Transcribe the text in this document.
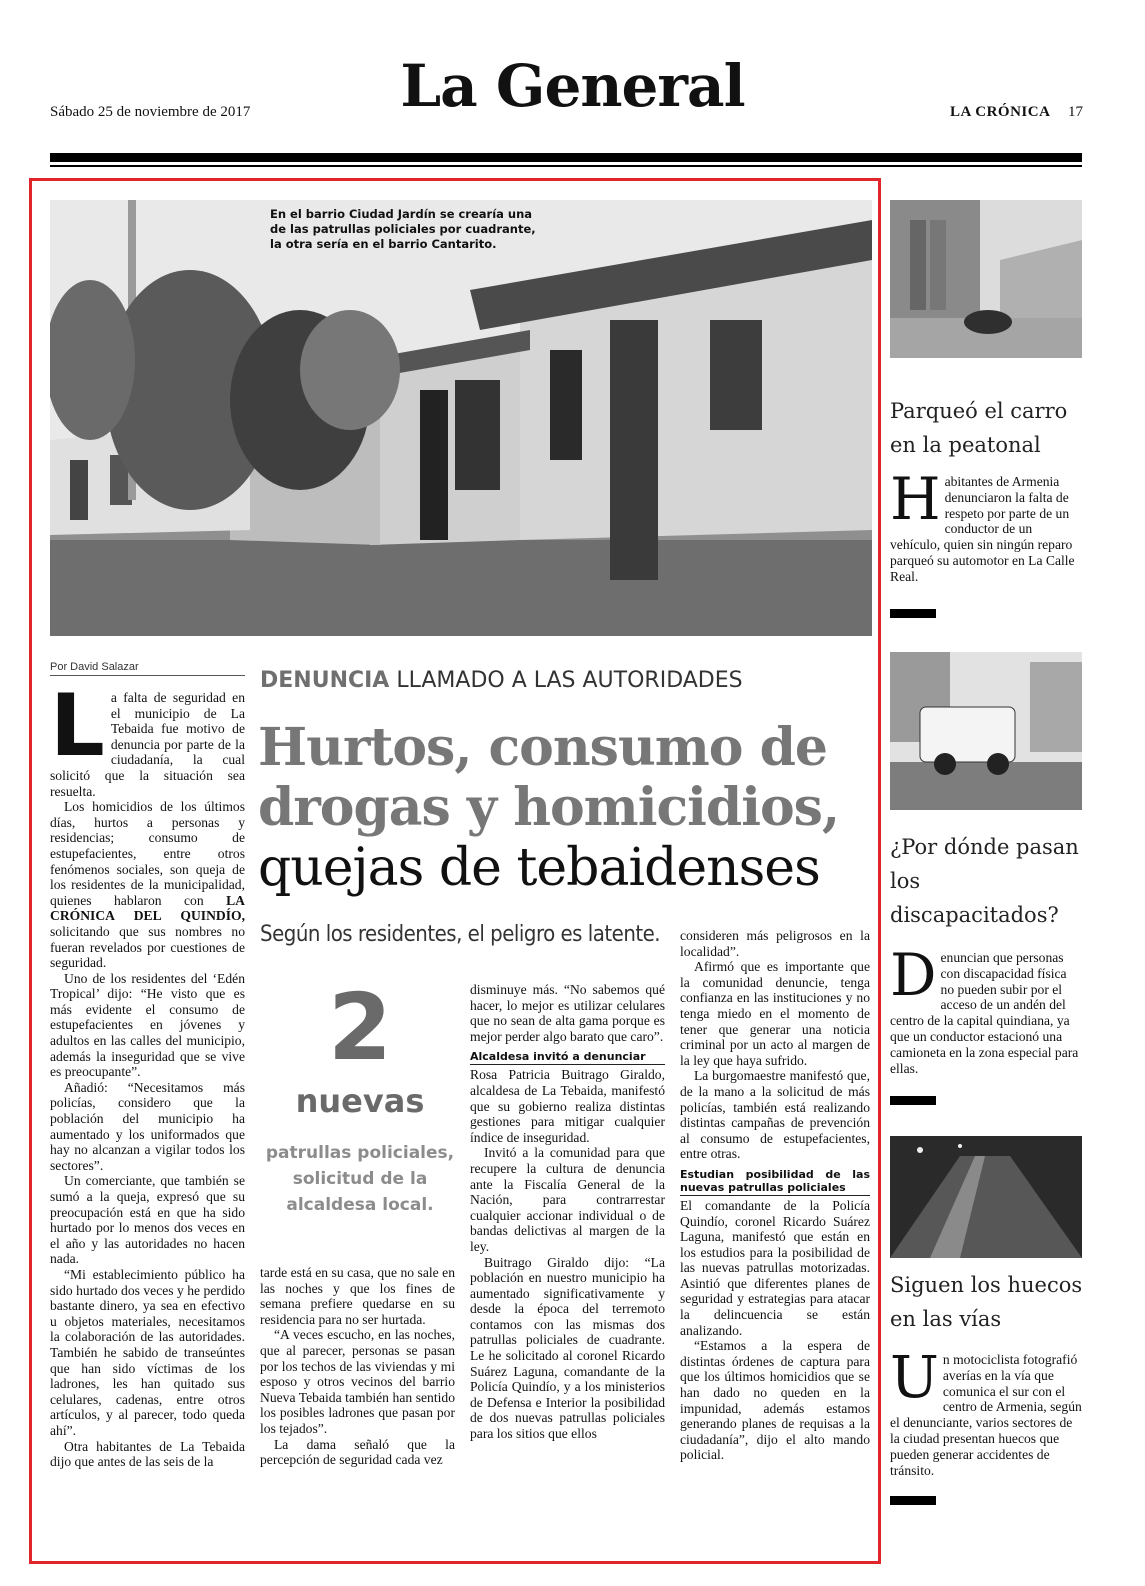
Sábado 25 de noviembre de 2017	La General	LA CRÓNICA 17
En el barrio Ciudad Jardín se crearía una de las patrullas policiales por cuadrante, la otra sería en el barrio Cantarito.
Por David Salazar
DENUNCIA LLAMADO A LAS AUTORIDADES
Hurtos, consumo de
drogas y homicidios,
quejas de tebaidenses
Según los residentes, el peligro es latente.
2
nuevas
patrullas policiales, solicitud de la alcaldesa local.

La falta de seguridad en el municipio de La Tebaida fue motivo de denuncia por parte de la ciudadanía, la cual solicitó que la situación sea resuelta.

Los homicidios de los últimos días, hurtos a personas y residencias; consumo de estupefacientes, entre otros fenómenos sociales, son queja de los residentes de la municipalidad, quienes hablaron con LA CRÓNICA DEL QUINDÍO, solicitando que sus nombres no fueran revelados por cuestiones de seguridad.

Uno de los residentes del ‘Edén Tropical’ dijo: “He visto que es más evidente el consumo de estupefacientes en jóvenes y adultos en las calles del municipio, además la inseguridad que se vive es preocupante”.

Añadió: “Necesitamos más policías, considero que la población del municipio ha aumentado y los uniformados que hay no alcanzan a vigilar todos los sectores”.

Un comerciante, que también se sumó a la queja, expresó que su preocupación está en que ha sido hurtado por lo menos dos veces en el año y las autoridades no hacen nada.

“Mi establecimiento público ha sido hurtado dos veces y he perdido bastante dinero, ya sea en efectivo u objetos materiales, necesitamos la colaboración de las autoridades. También he sabido de transeúntes que han sido víctimas de los ladrones, les han quitado sus celulares, cadenas, entre otros artículos, y al parecer, todo queda ahí”.

Otra habitantes de La Tebaida dijo que antes de las seis de la

tarde está en su casa, que no sale en las noches y que los fines de semana prefiere quedarse en su residencia para no ser hurtada.

“A veces escucho, en las noches, que al parecer, personas se pasan por los techos de las viviendas y mi esposo y otros vecinos del barrio Nueva Tebaida también han sentido los posibles ladrones que pasan por los tejados”.

La dama señaló que la percepción de seguridad cada vez

disminuye más. “No sabemos qué hacer, lo mejor es utilizar celulares que no sean de alta gama porque es mejor perder algo barato que caro”.

Alcaldesa invitó a denunciar

Rosa Patricia Buitrago Giraldo, alcaldesa de La Tebaida, manifestó que su gobierno realiza distintas gestiones para mitigar cualquier índice de inseguridad.

Invitó a la comunidad para que recupere la cultura de denuncia ante la Fiscalía General de la Nación, para contrarrestar cualquier accionar individual o de bandas delictivas al margen de la ley.

Buitrago Giraldo dijo: “La población en nuestro municipio ha aumentado significativamente y desde la época del terremoto contamos con las mismas dos patrullas policiales de cuadrante. Le he solicitado al coronel Ricardo Suárez Laguna, comandante de la Policía Quindío, y a los ministerios de Defensa e Interior la posibilidad de dos nuevas patrullas policiales para los sitios que ellos

consideren más peligrosos en la localidad”.

Afirmó que es importante que la comunidad denuncie, tenga confianza en las instituciones y no tenga miedo en el momento de tener que generar una noticia criminal por un acto al margen de la ley que haya sufrido.

La burgomaestre manifestó que, de la mano a la solicitud de más policías, también está realizando distintas campañas de prevención al consumo de estupefacientes, entre otras.

Estudian posibilidad de las nuevas patrullas policiales

El comandante de la Policía Quindío, coronel Ricardo Suárez Laguna, manifestó que están en los estudios para la posibilidad de las nuevas patrullas motorizadas. Asintió que diferentes planes de seguridad y estrategias para atacar la delincuencia se están analizando.

“Estamos a la espera de distintas órdenes de captura para que los últimos homicidios que se han dado no queden en la impunidad, además estamos generando planes de requisas a la ciudadanía”, dijo el alto mando policial.

Parqueó el carro en la peatonal
Habitantes de Armenia denunciaron la falta de respeto por parte de un conductor de un vehículo, quien sin ningún reparo parqueó su automotor en La Calle Real.
¿Por dónde pasan los discapacitados?
Denuncian que personas con discapacidad física no pueden subir por el acceso de un andén del centro de la capital quindiana, ya que un conductor estacionó una camioneta en la zona especial para ellas.
Siguen los huecos en las vías
Un motociclista fotografió averías en la vía que comunica el sur con el centro de Armenia, según el denunciante, varios sectores de la ciudad presentan huecos que pueden generar accidentes de tránsito.
